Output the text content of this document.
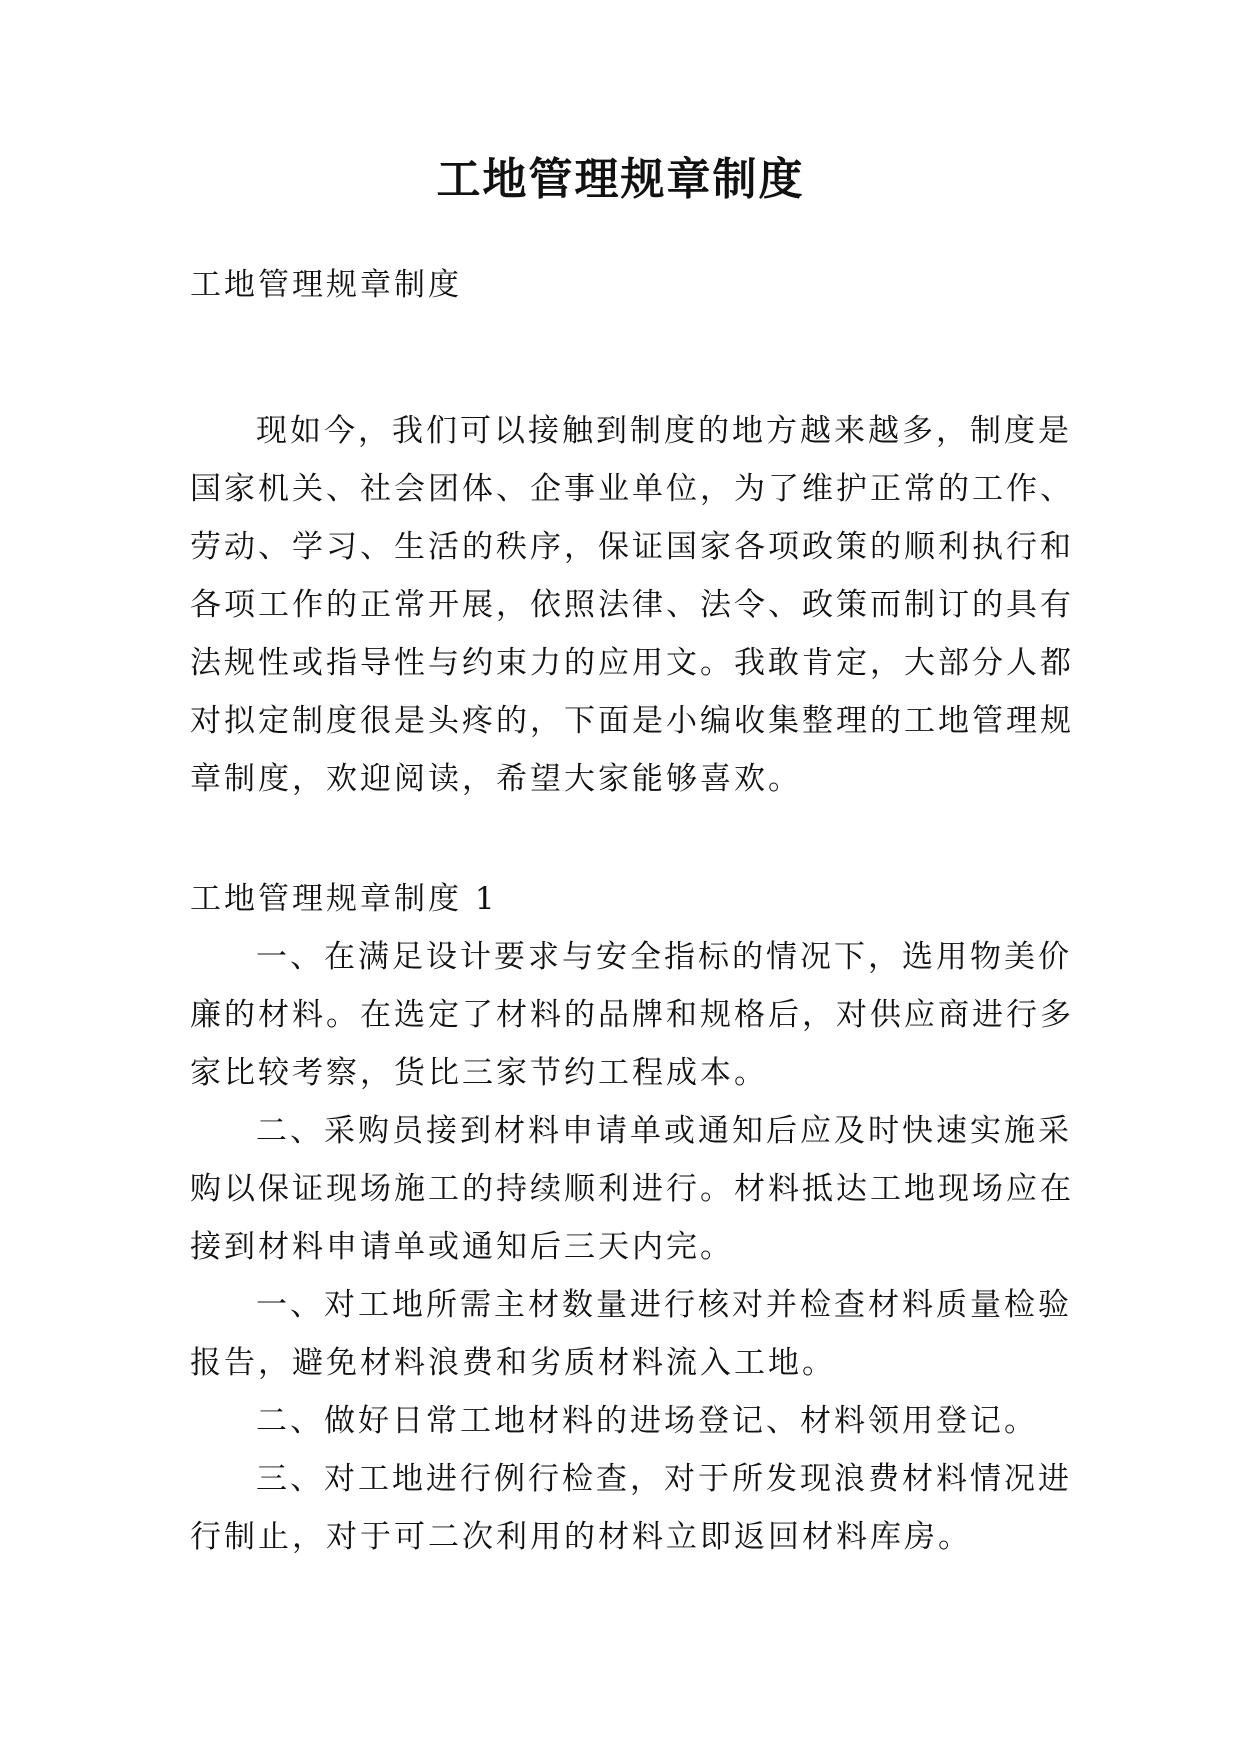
工地管理规章制度
工地管理规章制度
现如今，我们可以接触到制度的地方越来越多，制度是
国家机关、社会团体、企事业单位，为了维护正常的工作、
劳动、学习、生活的秩序，保证国家各项政策的顺利执行和
各项工作的正常开展，依照法律、法令、政策而制订的具有
法规性或指导性与约束力的应用文。我敢肯定，大部分人都
对拟定制度很是头疼的，下面是小编收集整理的工地管理规
章制度，欢迎阅读，希望大家能够喜欢。
工地管理规章制度 1
一、在满足设计要求与安全指标的情况下，选用物美价
廉的材料。在选定了材料的品牌和规格后，对供应商进行多
家比较考察，货比三家节约工程成本。
二、采购员接到材料申请单或通知后应及时快速实施采
购以保证现场施工的持续顺利进行。材料抵达工地现场应在
接到材料申请单或通知后三天内完。
一、对工地所需主材数量进行核对并检查材料质量检验
报告，避免材料浪费和劣质材料流入工地。
二、做好日常工地材料的进场登记、材料领用登记。
三、对工地进行例行检查，对于所发现浪费材料情况进
行制止，对于可二次利用的材料立即返回材料库房。
